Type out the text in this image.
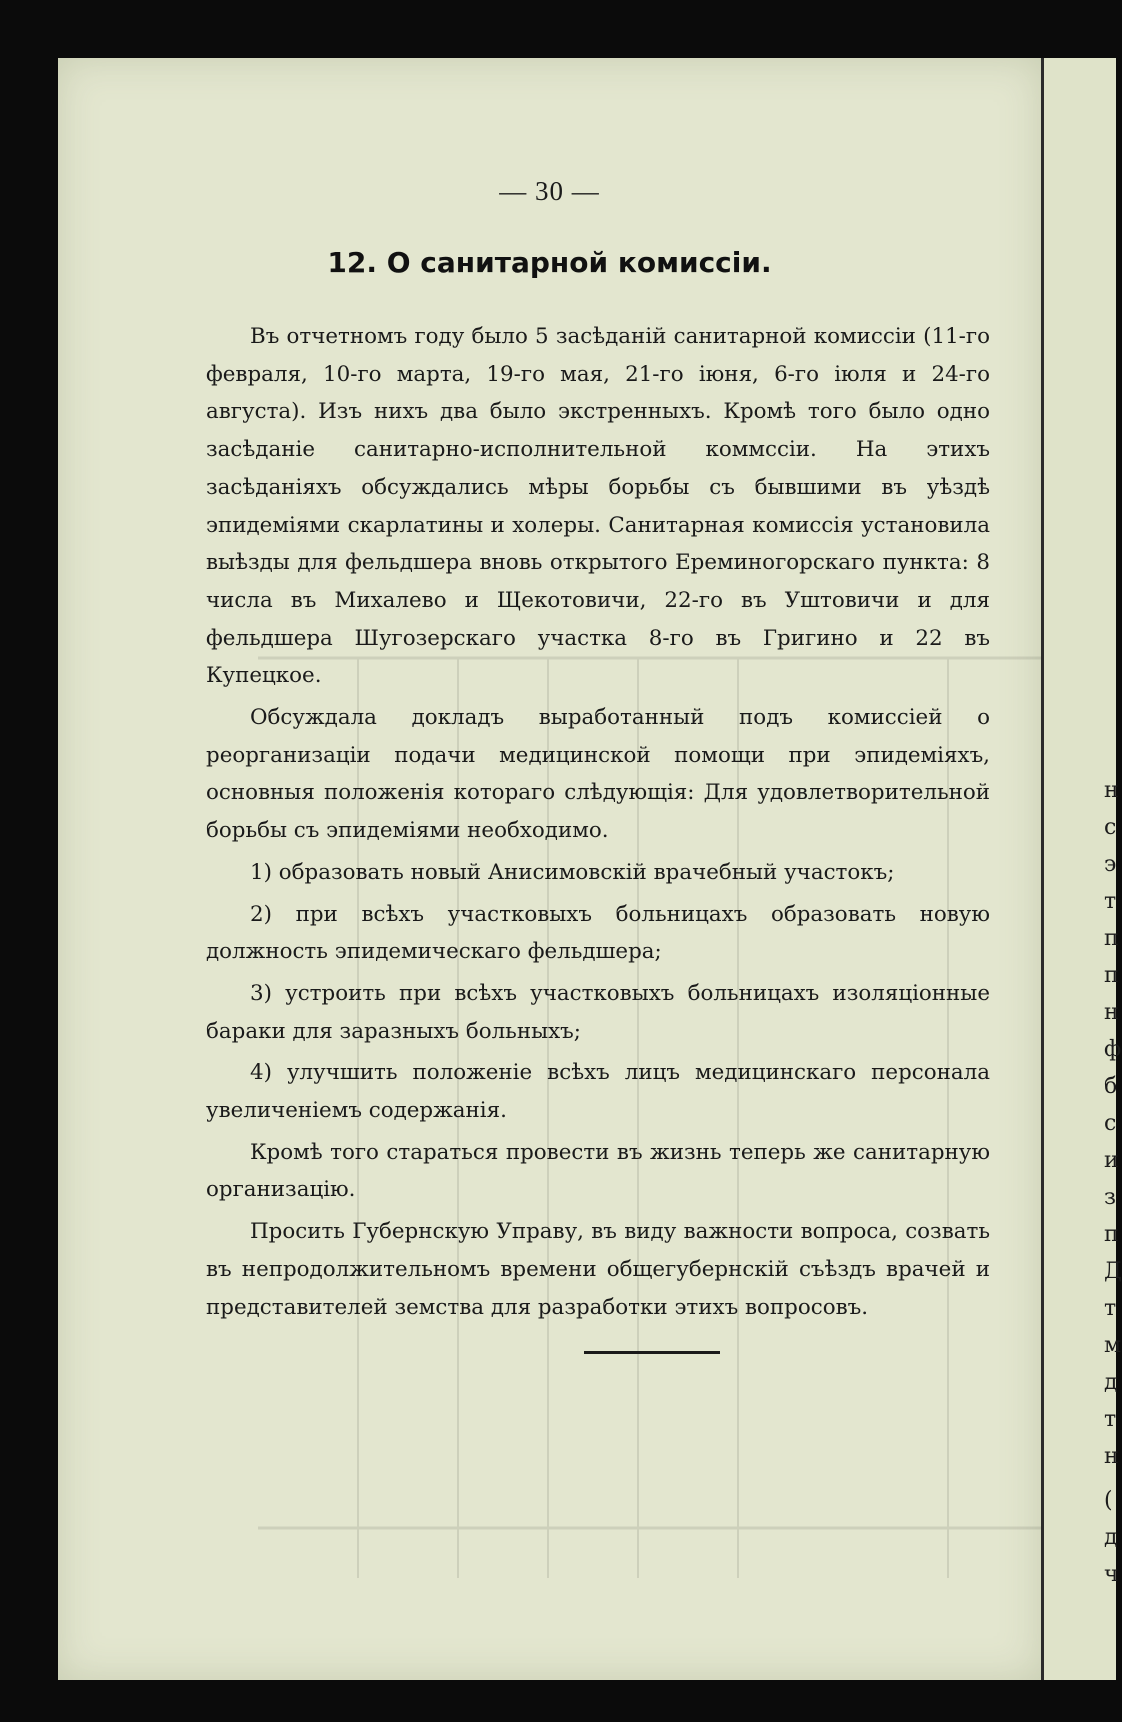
— 30 —
12. О санитарной комиссіи.

Въ отчетномъ году было 5 засѣданій санитарной комиссіи (11-го февраля, 10-го марта, 19-го мая, 21-го іюня, 6-го іюля и 24-го августа). Изъ нихъ два было экстренныхъ. Кромѣ того было одно засѣданіе санитарно-исполнительной коммссіи. На этихъ засѣданіяхъ обсуждались мѣры борьбы съ бывшими въ уѣздѣ эпидеміями скарлатины и холеры. Санитарная комиссія установила выѣзды для фельдшера вновь открытого Ереминогорскаго пункта: 8 числа въ Михалево и Щекотовичи, 22-го въ Уштовичи и для фельдшера Шугозерскаго участка 8-го въ Григино и 22 въ Купецкое.

Обсуждала докладъ выработанный подъ комиссіей о реорганизаціи подачи медицинской помощи при эпидеміяхъ, основныя положенія котораго слѣдующія: Для удовлетворительной борьбы съ эпидеміями необходимо.

1) образовать новый Анисимовскій врачебный участокъ;

2) при всѣхъ участковыхъ больницахъ образовать новую должность эпидемическаго фельдшера;

3) устроить при всѣхъ участковыхъ больницахъ изоляціонные бараки для заразныхъ больныхъ;

4) улучшить положеніе всѣхъ лицъ медицинскаго персонала увеличеніемъ содержанія.

Кромѣ того стараться провести въ жизнь теперь же санитарную организацію.

Просить Губернскую Управу, въ виду важности вопроса, созвать въ непродолжительномъ времени общегубернскій съѣздъ врачей и представителей земства для разработки этихъ вопросовъ.

н
с
э
т
п
п
н
ф
б
с
и
з
п
Д
т
м
д
т
н
(
д
ч
